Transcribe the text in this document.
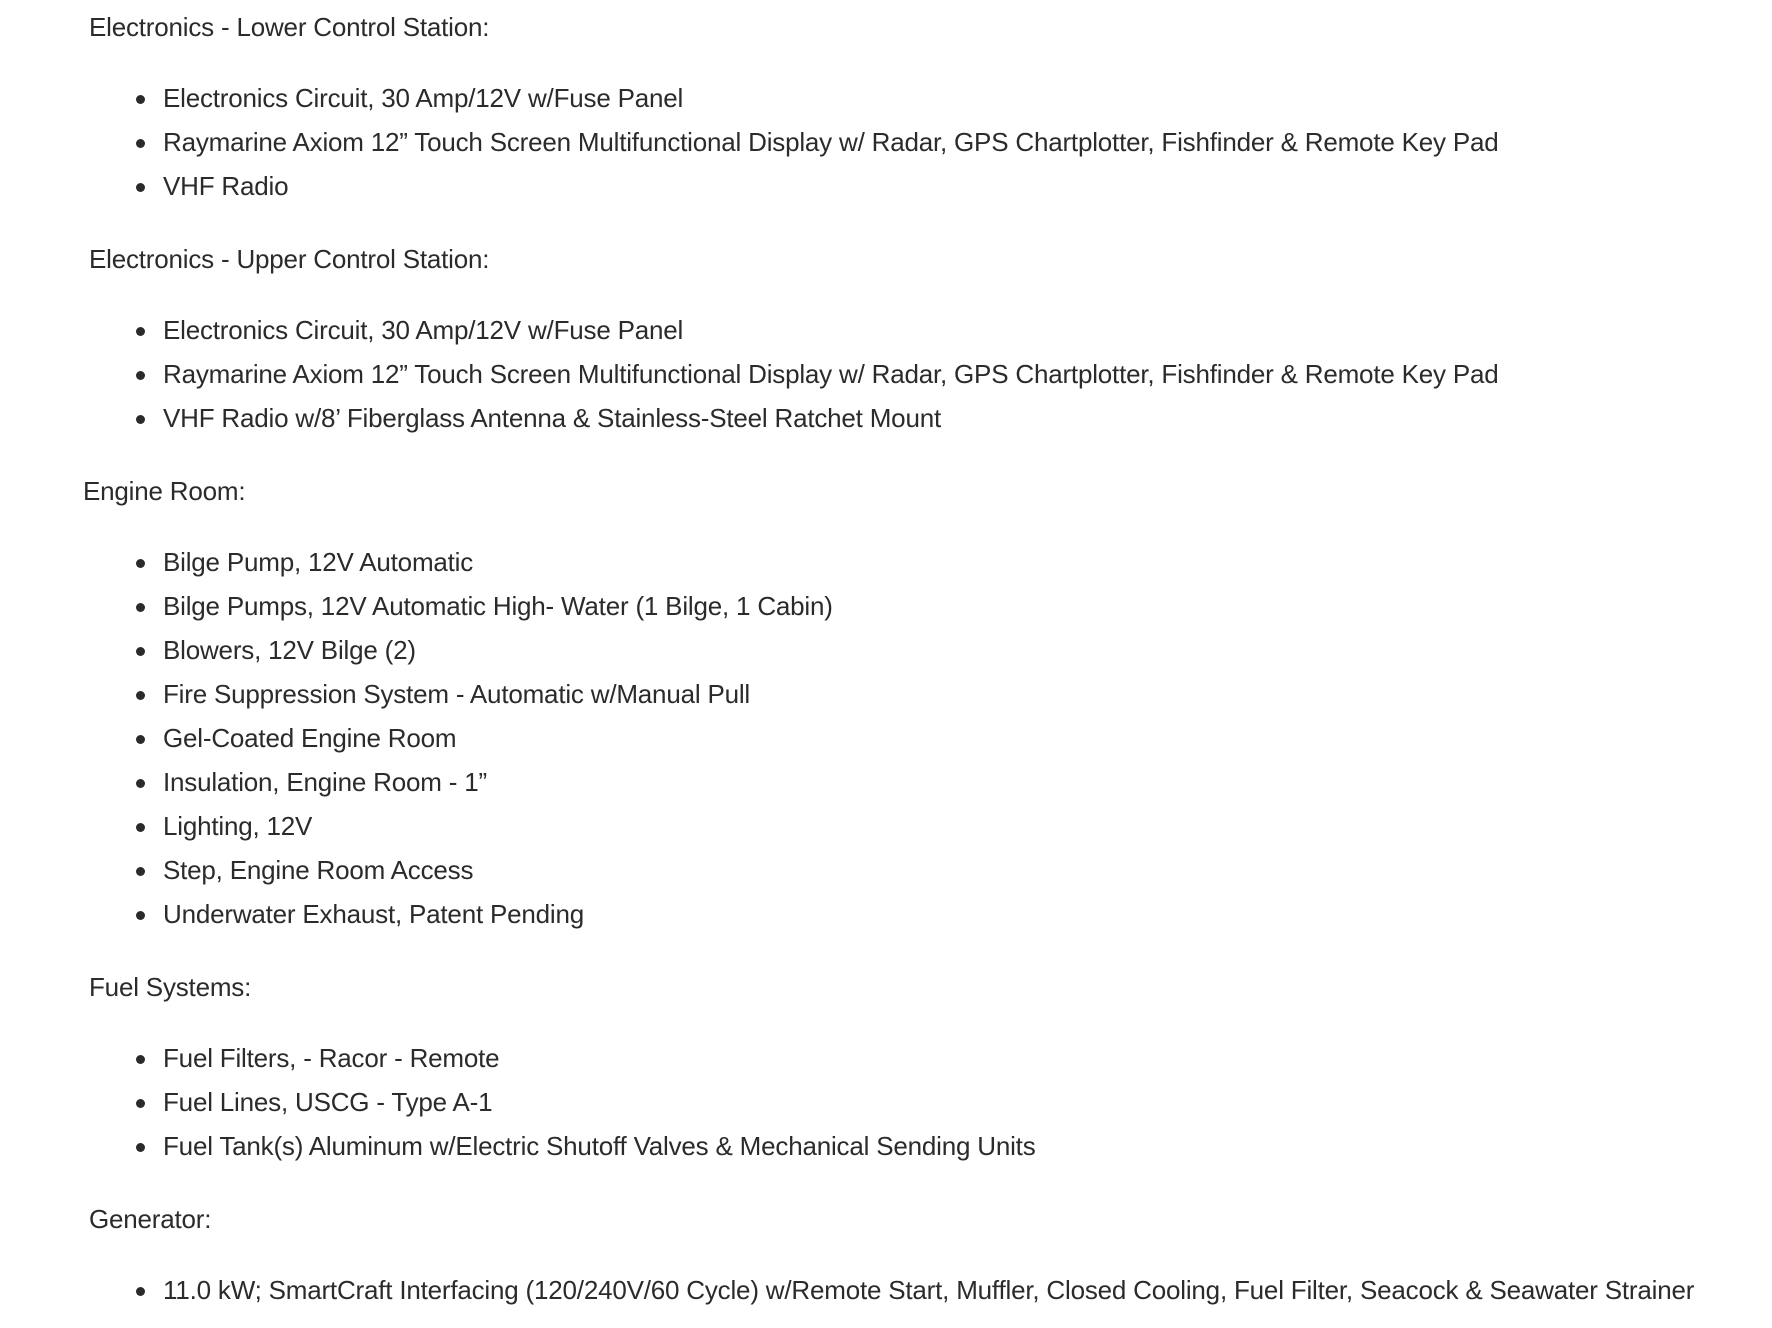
Electronics - Lower Control Station:
Electronics Circuit, 30 Amp/12V w/Fuse Panel
Raymarine Axiom 12” Touch Screen Multifunctional Display w/ Radar, GPS Chartplotter, Fishfinder & Remote Key Pad
VHF Radio
Electronics - Upper Control Station:
Electronics Circuit, 30 Amp/12V w/Fuse Panel
Raymarine Axiom 12” Touch Screen Multifunctional Display w/ Radar, GPS Chartplotter, Fishfinder & Remote Key Pad
VHF Radio w/8’ Fiberglass Antenna & Stainless-Steel Ratchet Mount
Engine Room:
Bilge Pump, 12V Automatic
Bilge Pumps, 12V Automatic High- Water (1 Bilge, 1 Cabin)
Blowers, 12V Bilge (2)
Fire Suppression System - Automatic w/Manual Pull
Gel-Coated Engine Room
Insulation, Engine Room - 1”
Lighting, 12V
Step, Engine Room Access
Underwater Exhaust, Patent Pending
Fuel Systems:
Fuel Filters, - Racor - Remote
Fuel Lines, USCG - Type A-1
Fuel Tank(s) Aluminum w/Electric Shutoff Valves & Mechanical Sending Units
Generator:
11.0 kW; SmartCraft Interfacing (120/240V/60 Cycle) w/Remote Start, Muffler, Closed Cooling, Fuel Filter, Seacock & Seawater Strainer
